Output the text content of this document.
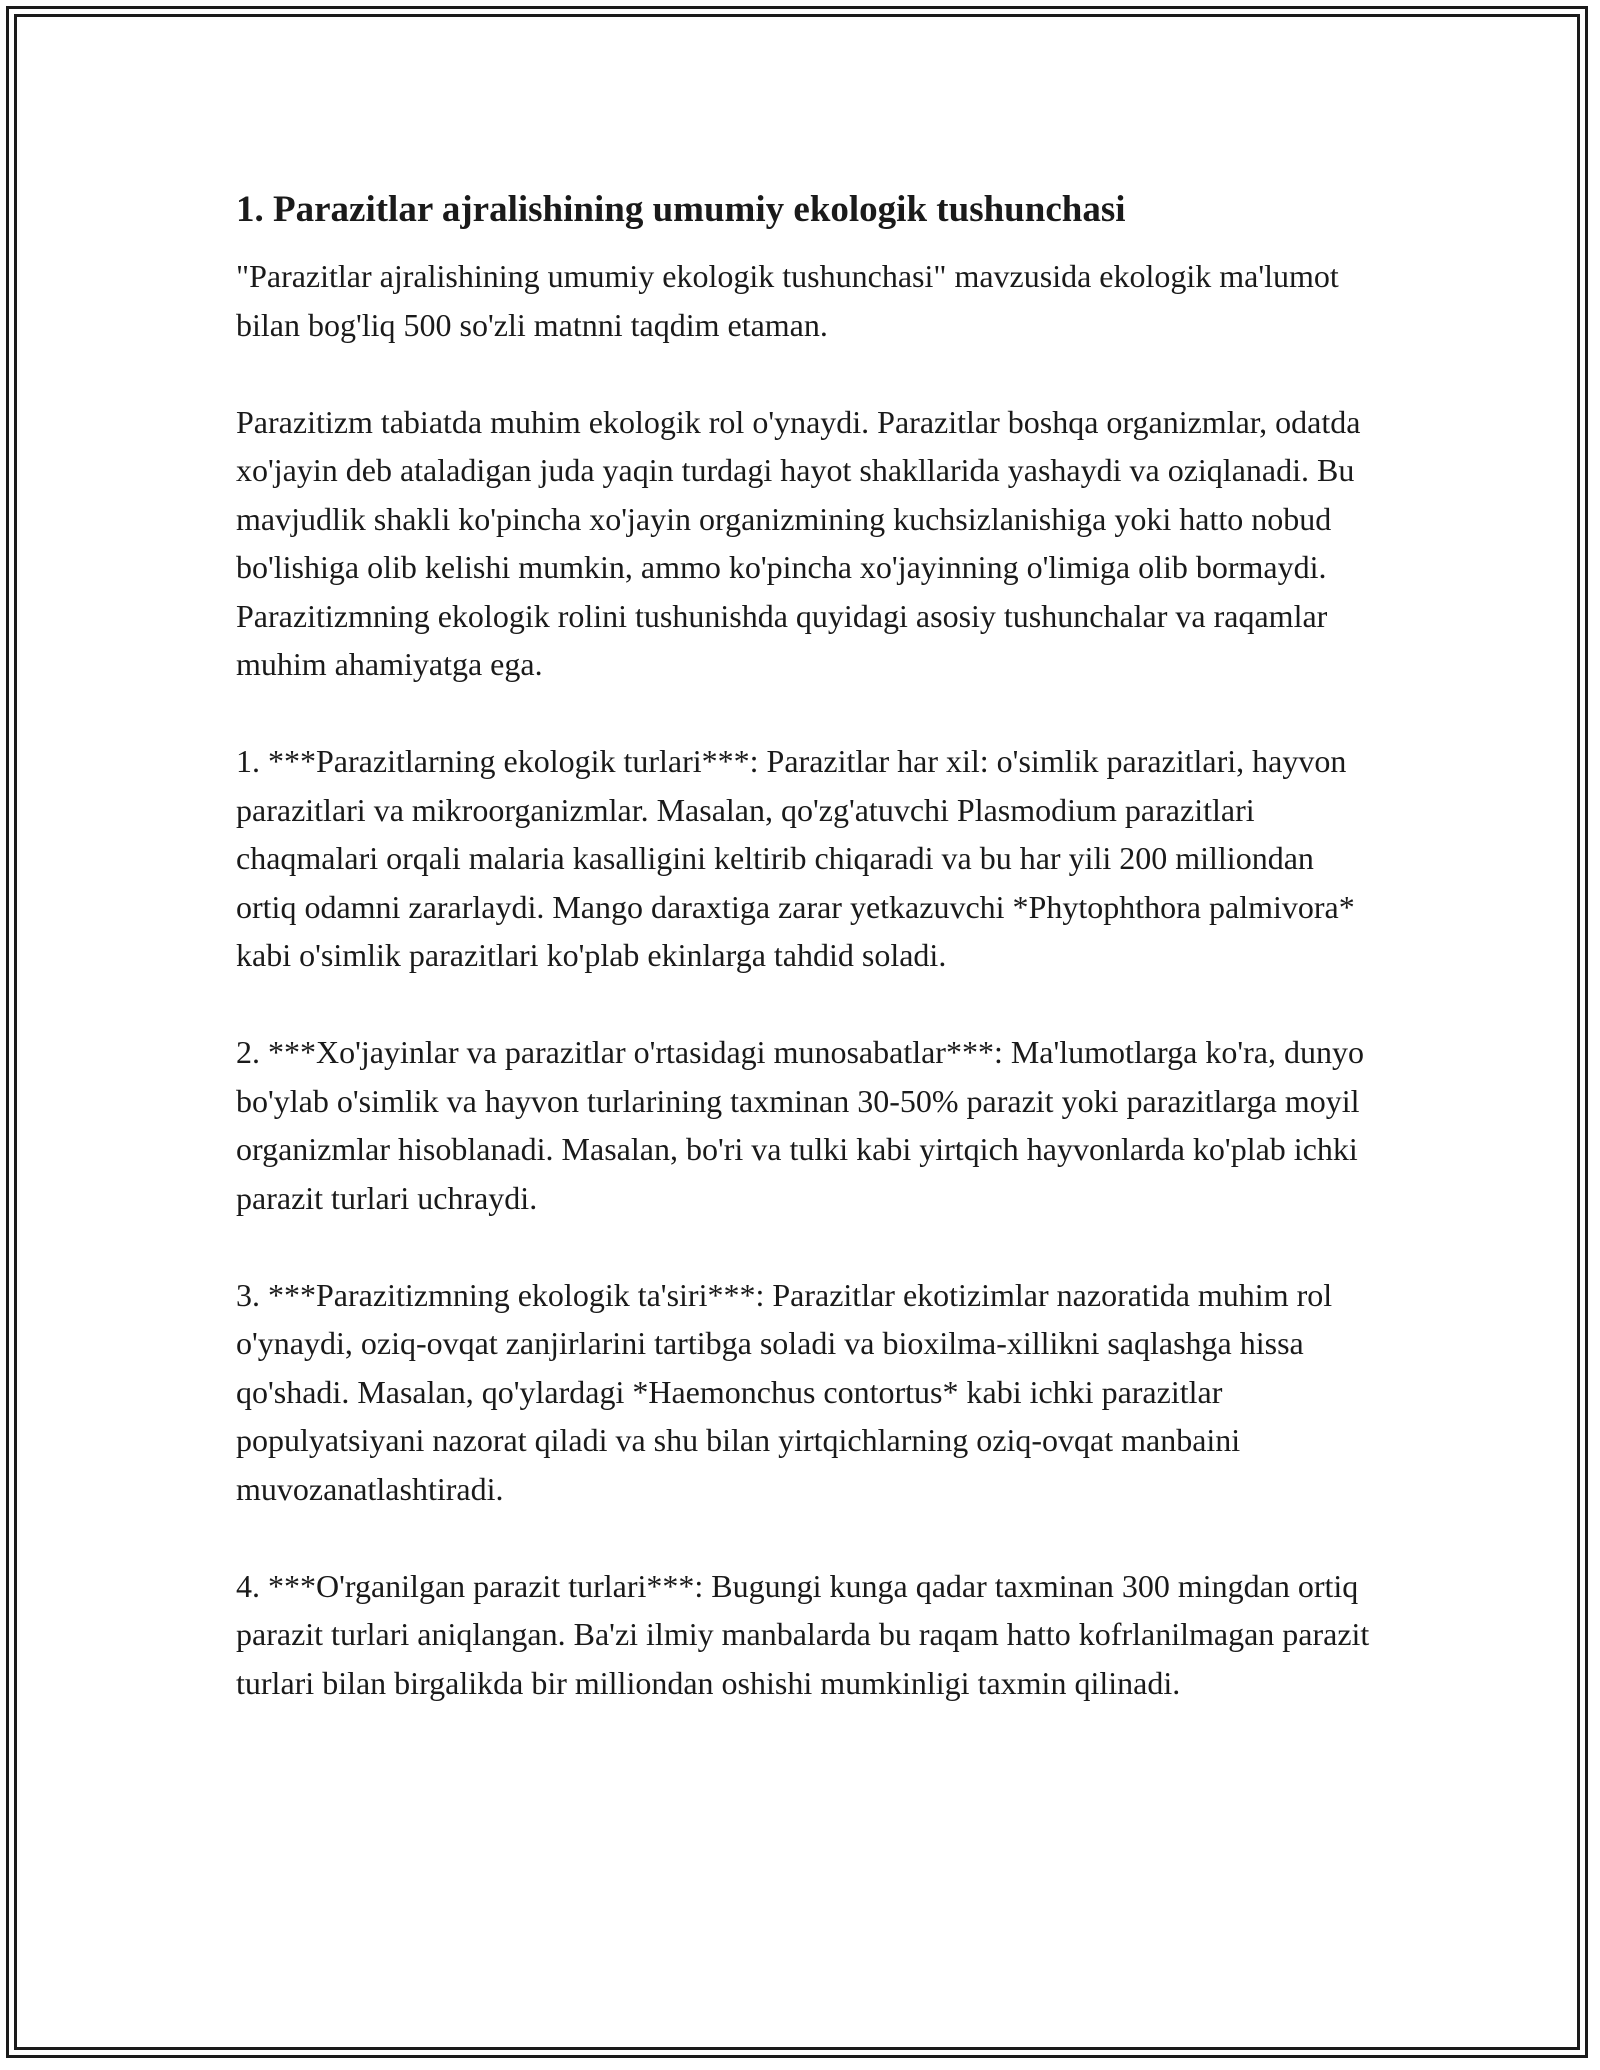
1. Parazitlar ajralishining umumiy ekologik tushunchasi

"Parazitlar ajralishining umumiy ekologik tushunchasi" mavzusida ekologik ma'lumot bilan bog'liq 500 so'zli matnni taqdim etaman.

Parazitizm tabiatda muhim ekologik rol o'ynaydi. Parazitlar boshqa organizmlar, odatda xo'jayin deb ataladigan juda yaqin turdagi hayot shakllarida yashaydi va oziqlanadi. Bu mavjudlik shakli ko'pincha xo'jayin organizmining kuchsizlanishiga yoki hatto nobud bo'lishiga olib kelishi mumkin, ammo ko'pincha xo'jayinning o'limiga olib bormaydi. Parazitizmning ekologik rolini tushunishda quyidagi asosiy tushunchalar va raqamlar muhim ahamiyatga ega.

1. ***Parazitlarning ekologik turlari***: Parazitlar har xil: o'simlik parazitlari, hayvon parazitlari va mikroorganizmlar. Masalan, qo'zg'atuvchi Plasmodium parazitlari chaqmalari orqali malaria kasalligini keltirib chiqaradi va bu har yili 200 milliondan ortiq odamni zararlaydi. Mango daraxtiga zarar yetkazuvchi *Phytophthora palmivora* kabi o'simlik parazitlari ko'plab ekinlarga tahdid soladi.

2. ***Xo'jayinlar va parazitlar o'rtasidagi munosabatlar***: Ma'lumotlarga ko'ra, dunyo bo'ylab o'simlik va hayvon turlarining taxminan 30-50% parazit yoki parazitlarga moyil organizmlar hisoblanadi. Masalan, bo'ri va tulki kabi yirtqich hayvonlarda ko'plab ichki parazit turlari uchraydi.

3. ***Parazitizmning ekologik ta'siri***: Parazitlar ekotizimlar nazoratida muhim rol o'ynaydi, oziq-ovqat zanjirlarini tartibga soladi va bioxilma-xillikni saqlashga hissa qo'shadi. Masalan, qo'ylardagi *Haemonchus contortus* kabi ichki parazitlar populyatsiyani nazorat qiladi va shu bilan yirtqichlarning oziq-ovqat manbaini muvozanatlashtiradi.

4. ***O'rganilgan parazit turlari***: Bugungi kunga qadar taxminan 300 mingdan ortiq parazit turlari aniqlangan. Ba'zi ilmiy manbalarda bu raqam hatto kofrlanilmagan parazit turlari bilan birgalikda bir milliondan oshishi mumkinligi taxmin qilinadi.
